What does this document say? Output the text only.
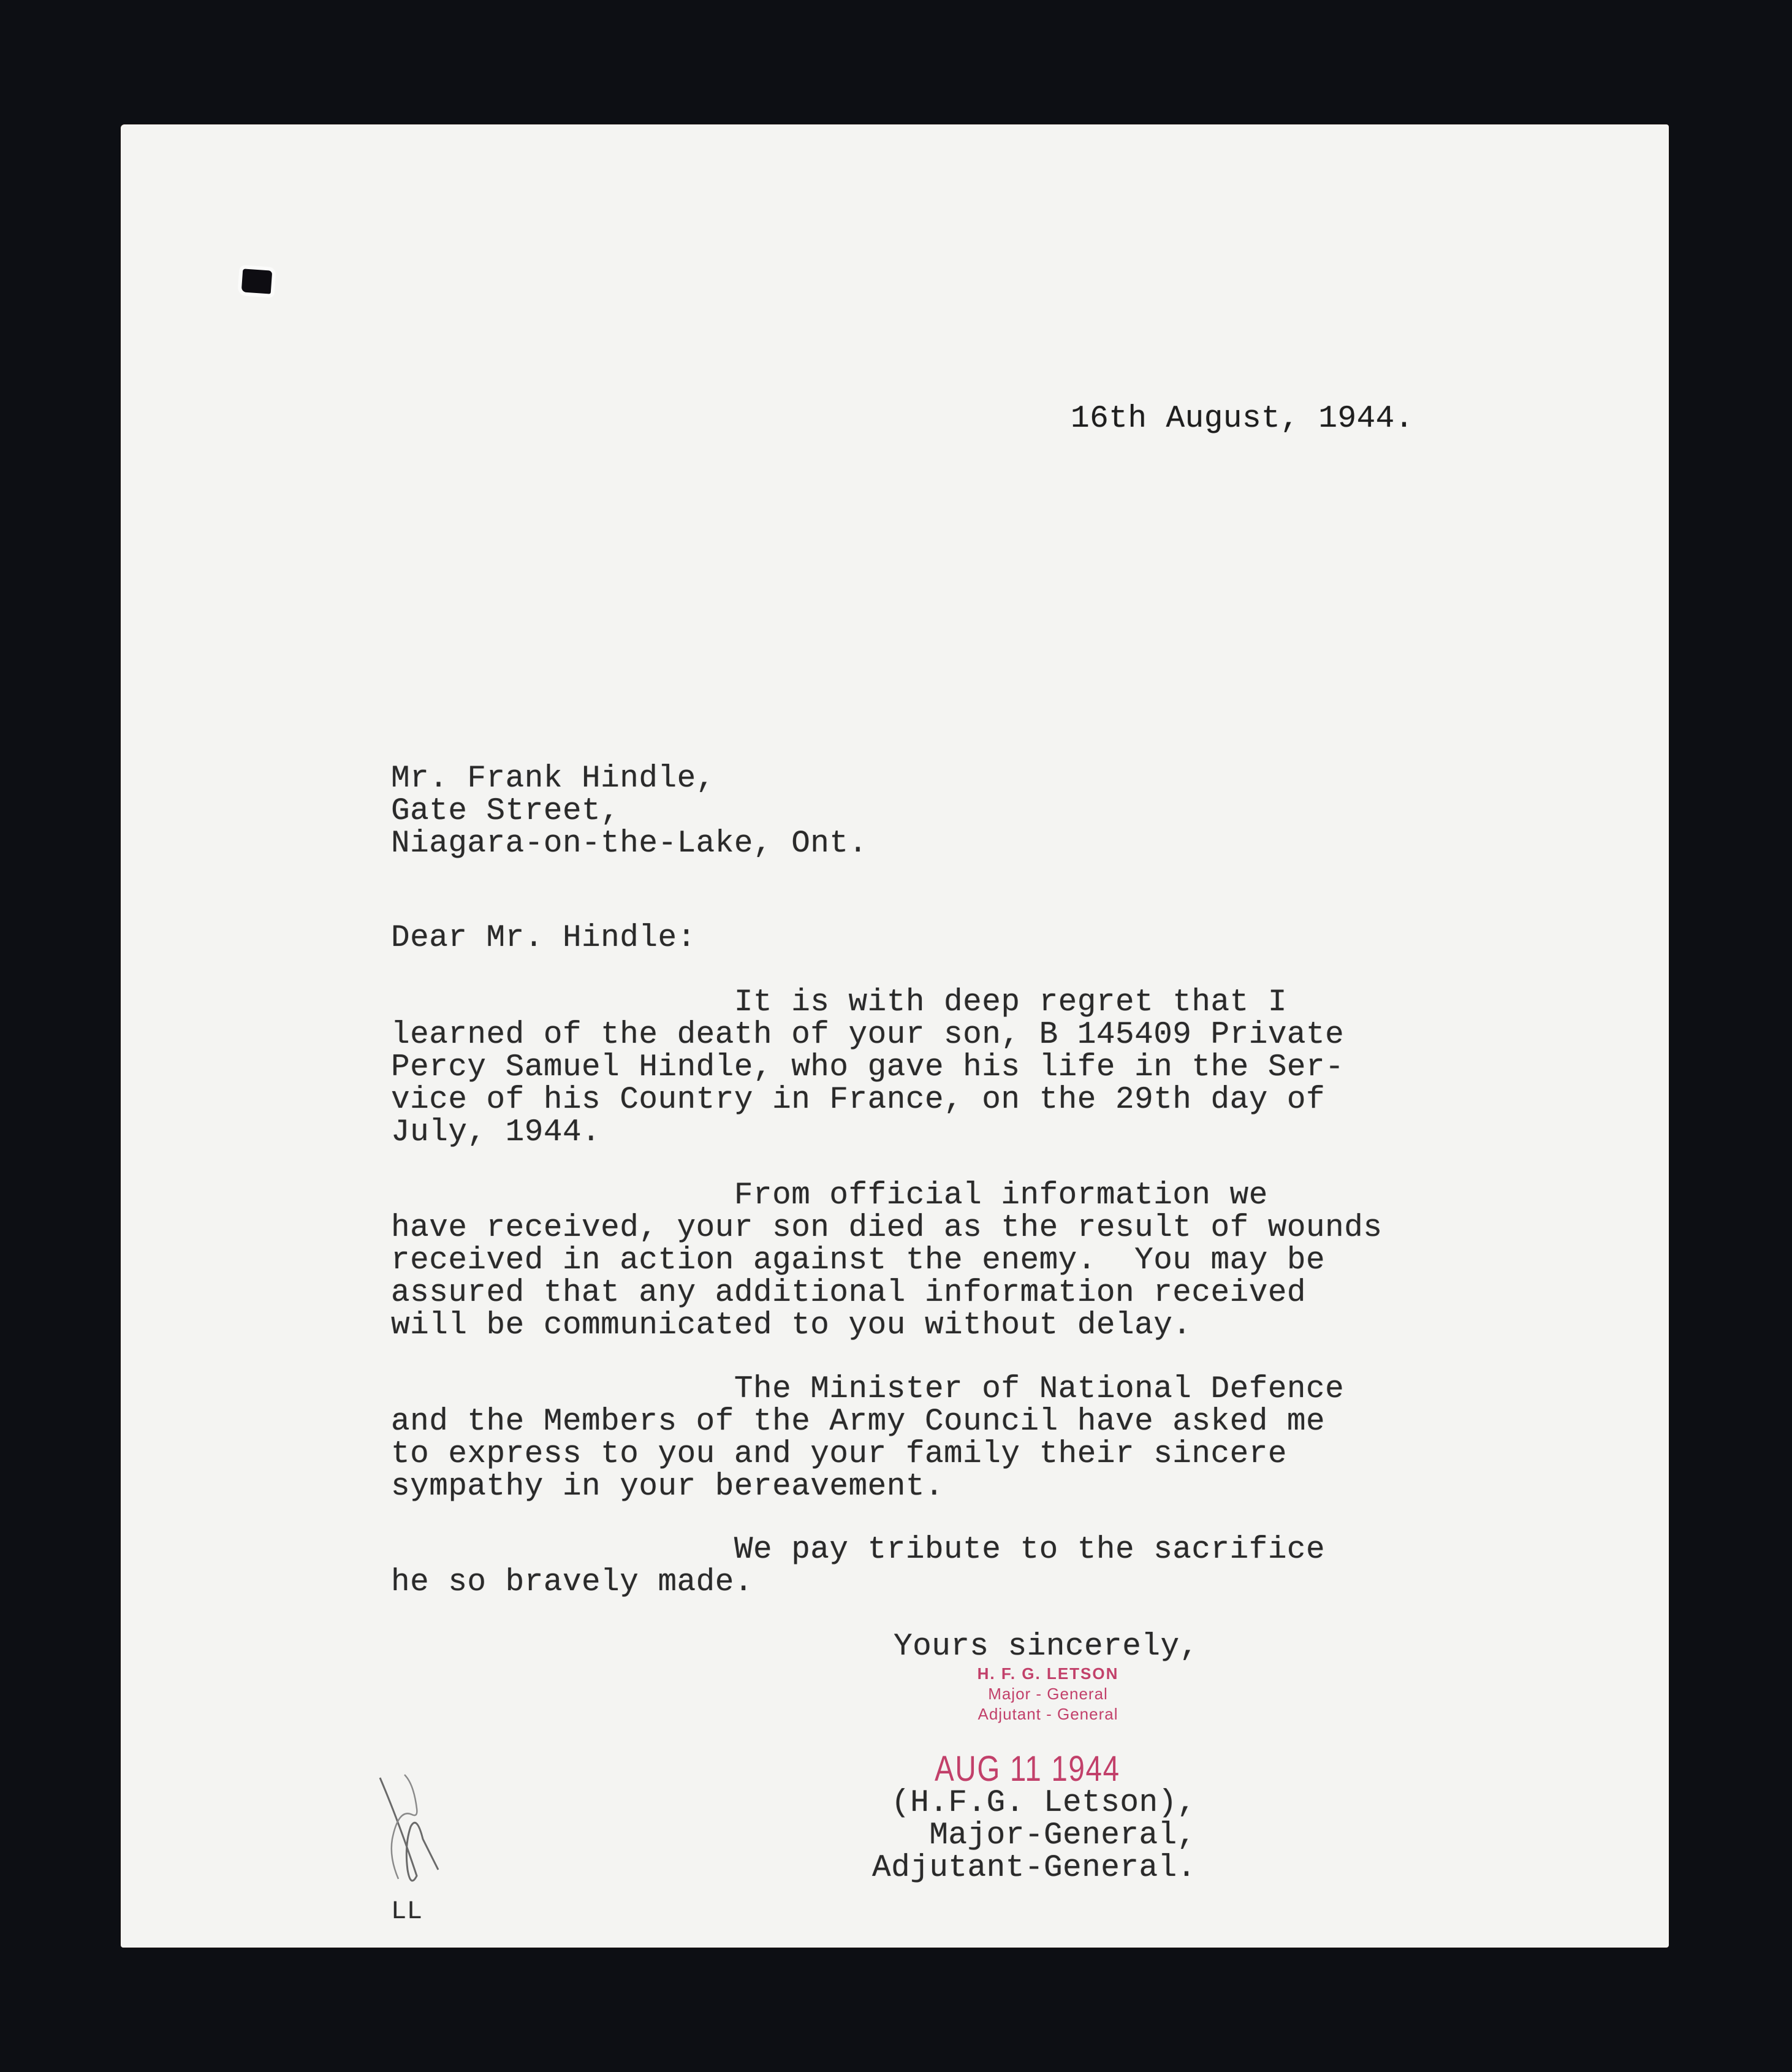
16th August, 1944.
Mr. Frank Hindle,
Gate Street,
Niagara-on-the-Lake, Ont.
Dear Mr. Hindle:
It is with deep regret that I
learned of the death of your son, B 145409 Private
Percy Samuel Hindle, who gave his life in the Ser-
vice of his Country in France, on the 29th day of
July, 1944.
From official information we
have received, your son died as the result of wounds
received in action against the enemy.  You may be
assured that any additional information received
will be communicated to you without delay.
The Minister of National Defence
and the Members of the Army Council have asked me
to express to you and your family their sincere
sympathy in your bereavement.
We pay tribute to the sacrifice
he so bravely made.
Yours sincerely,
H. F. G. LETSON
Major - General
Adjutant - General
AUG 11 1944
(H.F.G. Letson),
Major-General,
Adjutant-General.
LL
